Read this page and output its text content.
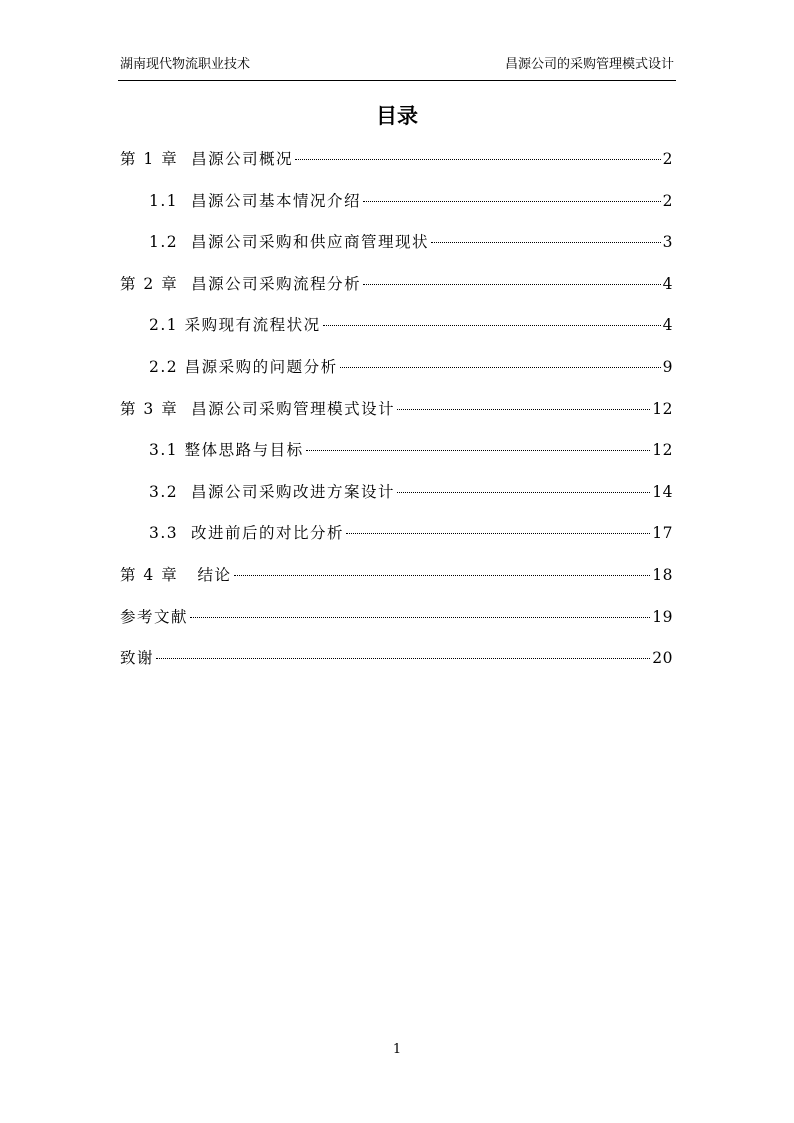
湖南现代物流职业技术	昌源公司的采购管理模式设计
目录
第 1 章  昌源公司概况	2
1.1  昌源公司基本情况介绍	2
1.2  昌源公司采购和供应商管理现状	3
第 2 章  昌源公司采购流程分析	4
2.1 采购现有流程状况	4
2.2 昌源采购的问题分析	9
第 3 章  昌源公司采购管理模式设计	12
3.1 整体思路与目标	12
3.2  昌源公司采购改进方案设计	14
3.3  改进前后的对比分析	17
第 4 章   结论	18
参考文献	19
致谢	20
1
